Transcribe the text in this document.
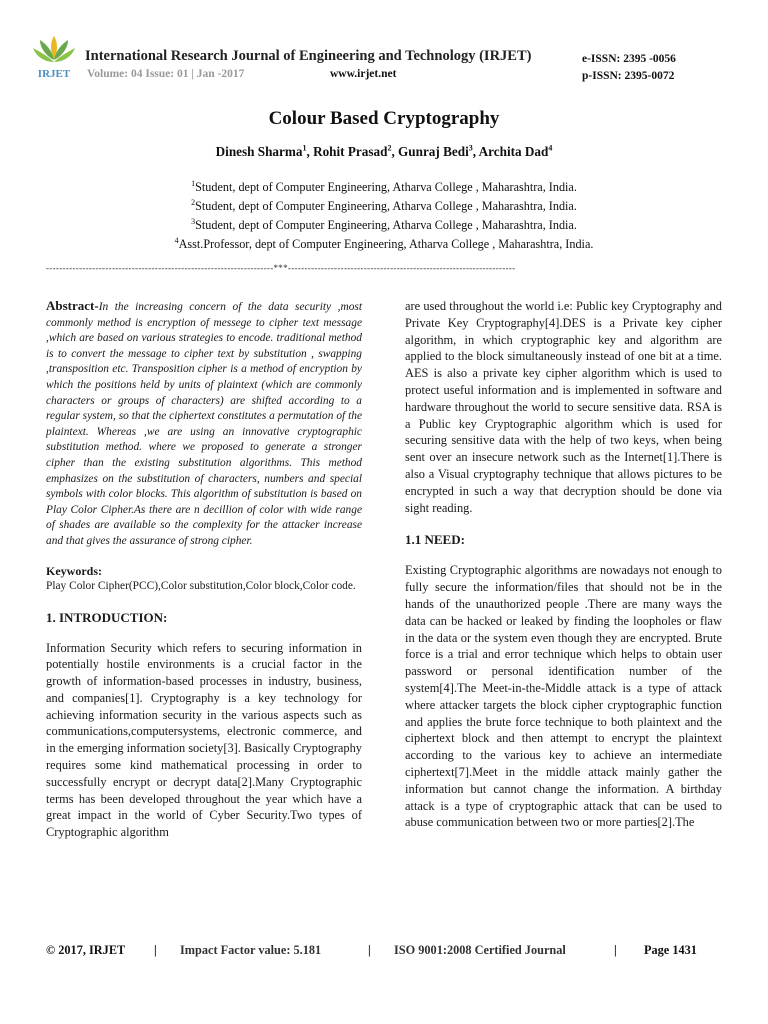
IRJET
International Research Journal of Engineering and Technology (IRJET)
Volume: 04 Issue: 01 | Jan -2017	www.irjet.net
e-ISSN: 2395 -0056
p-ISSN: 2395-0072
Colour Based Cryptography
Dinesh Sharma$^1$, Rohit Prasad$^2$, Gunraj Bedi$^3$, Archita Dad$^4$
$^1$Student, dept of Computer Engineering, Atharva College , Maharashtra, India.
$^2$Student, dept of Computer Engineering, Atharva College , Maharashtra, India.
$^3$Student, dept of Computer Engineering, Atharva College , Maharashtra, India.
$^4$Asst.Professor, dept of Computer Engineering, Atharva College , Maharashtra, India.
---------------------------------------------------------------------***---------------------------------------------------------------------

Abstract-In the increasing concern of the data security ,most commonly method is encryption of messege to cipher text message ,which are based on various strategies to encode. traditional method is to convert the message to cipher text by substitution , swapping ,transposition etc. Transposition cipher is a method of encryption by which the positions held by units of plaintext (which are commonly characters or groups of characters) are shifted according to a regular system, so that the ciphertext constitutes a permutation of the plaintext. Whereas ,we are using an innovative cryptographic substitution method. where we proposed to generate a stronger cipher than the existing substitution algorithms. This method emphasizes on the substitution of characters, numbers and special symbols with color blocks. This algorithm of substitution is based on Play Color Cipher.As there are n decillion of color with wide range of shades are available so the complexity for the attacker increase and that gives the assurance of strong cipher.

Keywords:

Play Color Cipher(PCC),Color substitution,Color block,Color code.

1. INTRODUCTION:

Information Security which refers to securing information in potentially hostile environments is a crucial factor in the growth of information-based processes in industry, business, and companies[1]. Cryptography is a key technology for achieving information security in the various aspects such as communications,computersystems, electronic commerce, and in the emerging information society[3]. Basically Cryptography requires some kind mathematical processing in order to successfully encrypt or decrypt data[2].Many Cryptographic terms has been developed throughout the year which have a great impact in the world of Cyber Security.Two types of Cryptographic algorithm

are used throughout the world i.e: Public key Cryptography and Private Key Cryptography[4].DES is a Private key cipher algorithm, in which cryptographic key and algorithm are applied to the block simultaneously instead of one bit at a time. AES is also a private key cipher algorithm which is used to protect useful information and is implemented in software and hardware throughout the world to secure sensitive data. RSA is a Public key Cryptographic algorithm which is used for securing sensitive data with the help of two keys, when being sent over an insecure network such as the Internet[1].There is also a Visual cryptography technique that allows pictures to be encrypted in such a way that decryption should be done via sight reading.

1.1 NEED:

Existing Cryptographic algorithms are nowadays not enough to fully secure the information/files that should not be in the hands of the unauthorized people .There are many ways the data can be hacked or leaked by finding the loopholes or flaw in the data or the system even though they are encrypted. Brute force is a trial and error technique which helps to obtain user password or personal identification number of the system[4].The Meet-in-the-Middle attack is a type of attack where attacker targets the block cipher cryptographic function and applies the brute force technique to both plaintext and the ciphertext block and then attempt to encrypt the plaintext according to the various key to achieve an intermediate ciphertext[7].Meet in the middle attack mainly gather the information but cannot change the information. A birthday attack is a type of cryptographic attack that can be used to abuse communication between two or more parties[2].The

© 2017, IRJET | Impact Factor value: 5.181	| ISO 9001:2008 Certified Journal	| Page 1431
